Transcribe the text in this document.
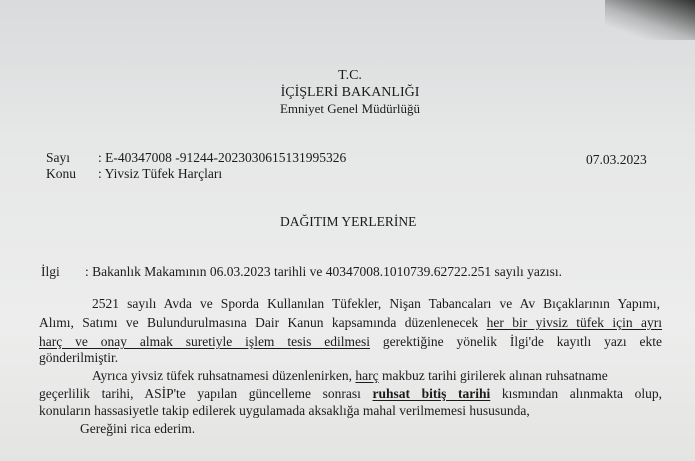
T.C.
İÇİŞLERİ BAKANLIĞI
Emniyet Genel Müdürlüğü
Sayı : E-40347008 -91244-2023030615131995326	07.03.2023
Konu : Yivsiz Tüfek Harçları
DAĞITIM YERLERİNE
İlgi : Bakanlık Makamının 06.03.2023 tarihli ve 40347008.1010739.62722.251 sayılı yazısı.
2521 sayılı Avda ve Sporda Kullanılan Tüfekler, Nişan Tabancaları ve Av Bıçaklarının Yapımı,
Alımı, Satımı ve Bulundurulmasına Dair Kanun kapsamında düzenlenecek her bir yivsiz tüfek için ayrı
harç ve onay almak suretiyle işlem tesis edilmesi gerektiğine yönelik İlgi'de kayıtlı yazı ekte
gönderilmiştir.
Ayrıca yivsiz tüfek ruhsatnamesi düzenlenirken, harç makbuz tarihi girilerek alınan ruhsatname
geçerlilik tarihi, ASİP'te yapılan güncelleme sonrası ruhsat bitiş tarihi kısmından alınmakta olup,
konuların hassasiyetle takip edilerek uygulamada aksaklığa mahal verilmemesi hususunda,
Gereğini rica ederim.
